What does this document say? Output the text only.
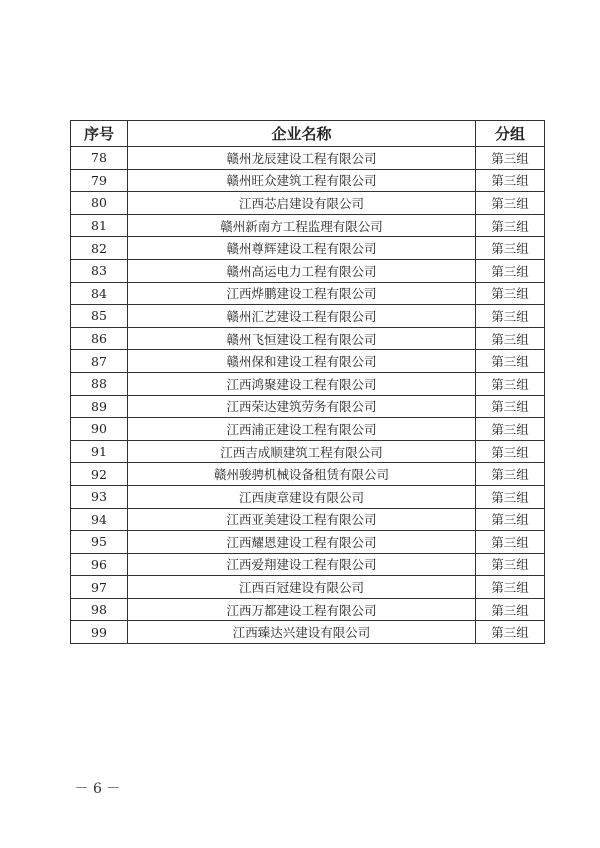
序号	企业名称	分组
78	赣州龙辰建设工程有限公司	第三组
79	赣州旺众建筑工程有限公司	第三组
80	江西芯启建设有限公司	第三组
81	赣州新南方工程监理有限公司	第三组
82	赣州尊辉建设工程有限公司	第三组
83	赣州高运电力工程有限公司	第三组
84	江西烨鹏建设工程有限公司	第三组
85	赣州汇艺建设工程有限公司	第三组
86	赣州飞恒建设工程有限公司	第三组
87	赣州保和建设工程有限公司	第三组
88	江西鸿聚建设工程有限公司	第三组
89	江西荣达建筑劳务有限公司	第三组
90	江西浦正建设工程有限公司	第三组
91	江西吉成顺建筑工程有限公司	第三组
92	赣州骏骋机械设备租赁有限公司	第三组
93	江西庚章建设有限公司	第三组
94	江西亚美建设工程有限公司	第三组
95	江西耀恩建设工程有限公司	第三组
96	江西爱翔建设工程有限公司	第三组
97	江西百冠建设有限公司	第三组
98	江西万都建设工程有限公司	第三组
99	江西臻达兴建设有限公司	第三组
－ 6 －
